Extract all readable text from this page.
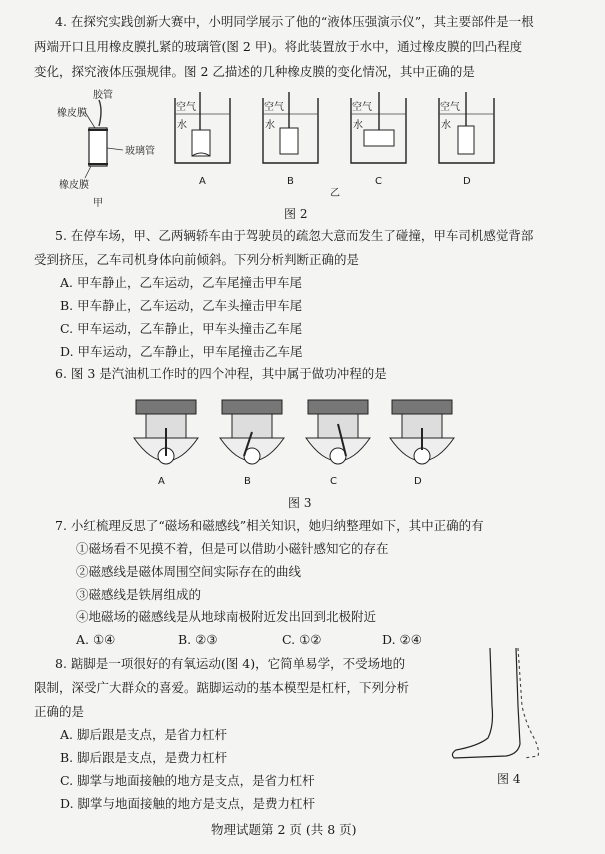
4. 在探究实践创新大赛中，小明同学展示了他的“液体压强演示仪”，其主要部件是一根
两端开口且用橡皮膜扎紧的玻璃管(图 2 甲)。将此装置放于水中，通过橡皮膜的凹凸程度
变化，探究液体压强规律。图 2 乙描述的几种橡皮膜的变化情况，其中正确的是
胶管
橡皮膜
玻璃管
橡皮膜
甲
空气
水
A
空气
水
B
空气
水
C
空气
水
D
乙
图 2
5. 在停车场，甲、乙两辆轿车由于驾驶员的疏忽大意而发生了碰撞，甲车司机感觉背部
受到挤压，乙车司机身体向前倾斜。下列分析判断正确的是
A. 甲车静止，乙车运动，乙车尾撞击甲车尾
B. 甲车静止，乙车运动，乙车头撞击甲车尾
C. 甲车运动，乙车静止，甲车头撞击乙车尾
D. 甲车运动，乙车静止，甲车尾撞击乙车尾
6. 图 3 是汽油机工作时的四个冲程，其中属于做功冲程的是
A	B	C	D
图 3
7. 小红梳理反思了“磁场和磁感线”相关知识，她归纳整理如下，其中正确的有
①磁场看不见摸不着，但是可以借助小磁针感知它的存在
②磁感线是磁体周围空间实际存在的曲线
③磁感线是铁屑组成的
④地磁场的磁感线是从地球南极附近发出回到北极附近
A. ①④	B. ②③	C. ①②	D. ②④
8. 踮脚是一项很好的有氧运动(图 4)，它简单易学，不受场地的
限制，深受广大群众的喜爱。踮脚运动的基本模型是杠杆，下列分析
正确的是
A. 脚后跟是支点，是省力杠杆
B. 脚后跟是支点，是费力杠杆
C. 脚掌与地面接触的地方是支点，是省力杠杆
D. 脚掌与地面接触的地方是支点，是费力杠杆
图 4
物理试题第 2 页 (共 8 页)
